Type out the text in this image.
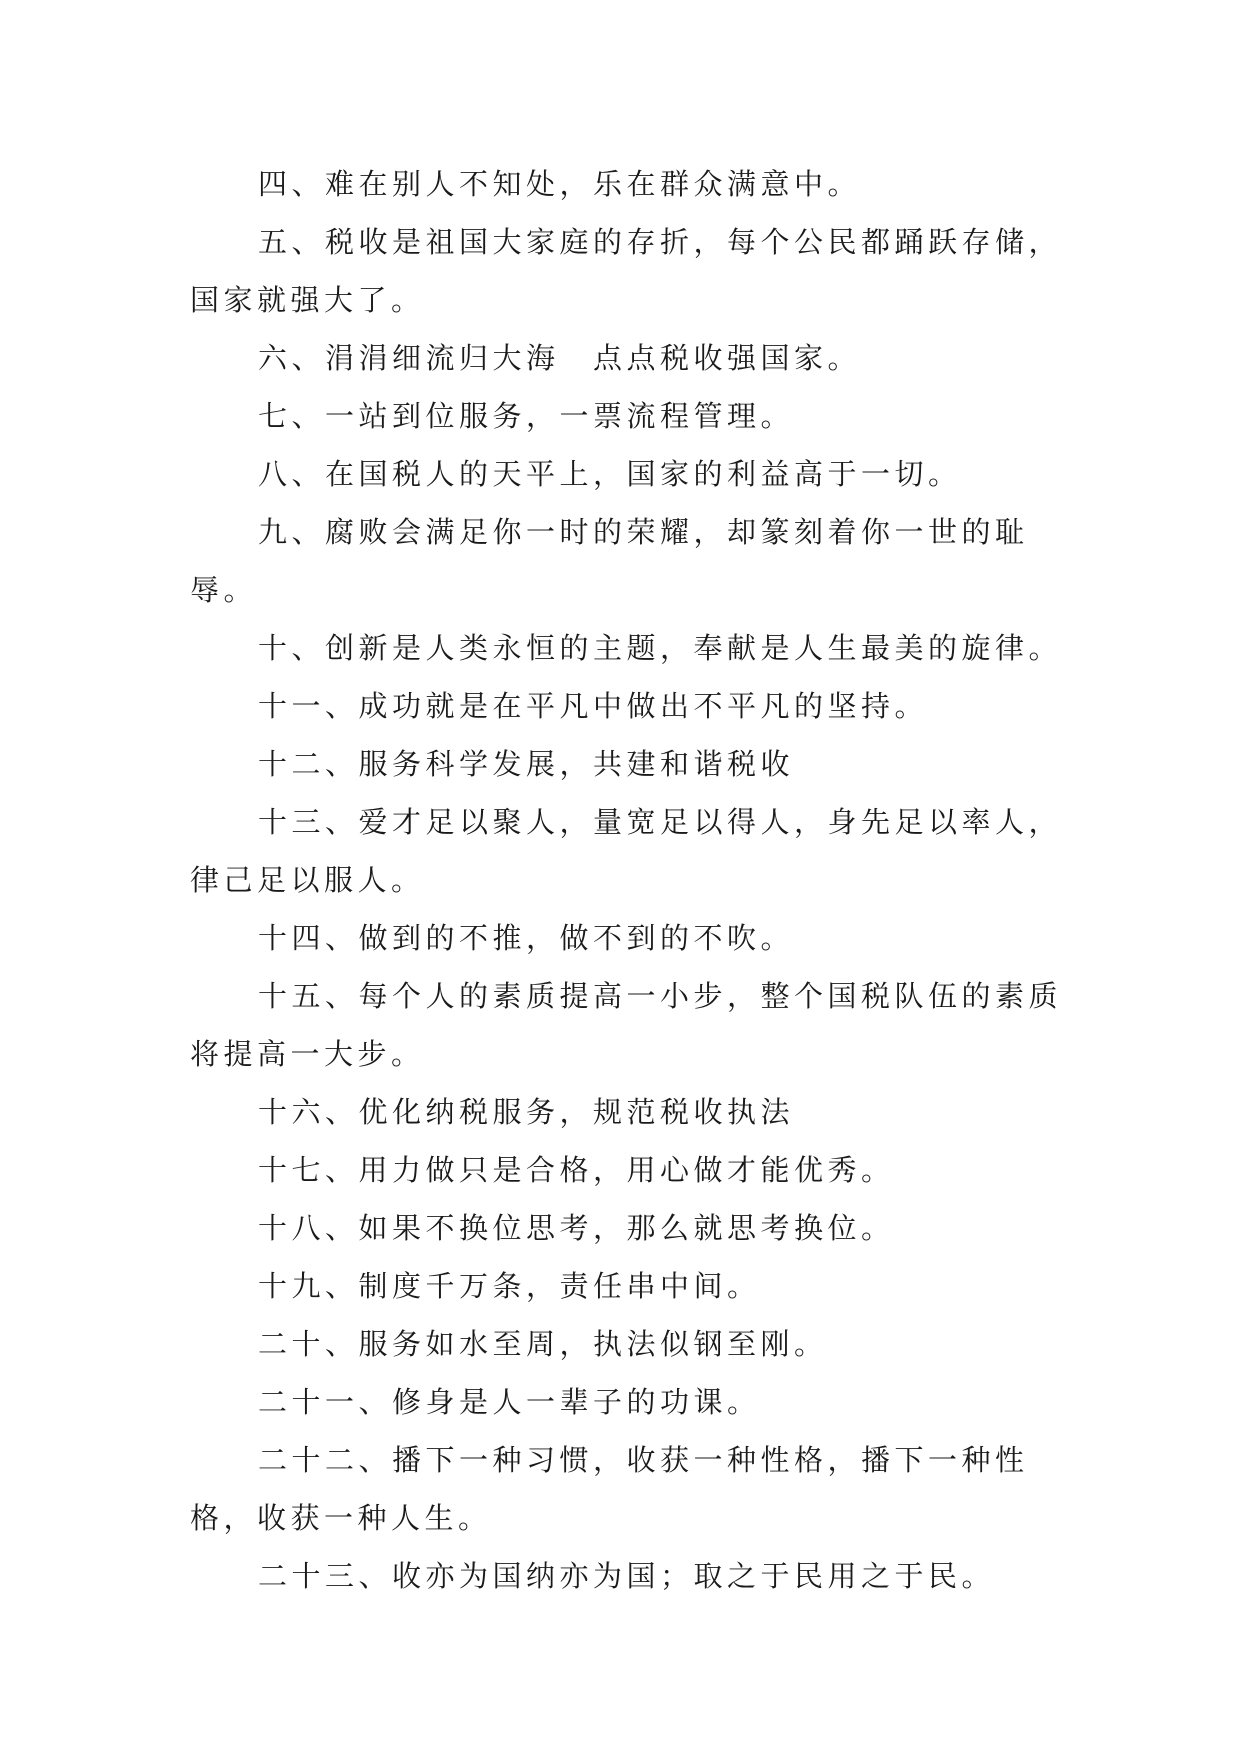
四、难在别人不知处，乐在群众满意中。

五、税收是祖国大家庭的存折，每个公民都踊跃存储，国家就强大了。

六、涓涓细流归大海　点点税收强国家。

七、一站到位服务，一票流程管理。

八、在国税人的天平上，国家的利益高于一切。

九、腐败会满足你一时的荣耀，却篆刻着你一世的耻辱。

十、创新是人类永恒的主题，奉献是人生最美的旋律。

十一、成功就是在平凡中做出不平凡的坚持。

十二、服务科学发展，共建和谐税收

十三、爱才足以聚人，量宽足以得人，身先足以率人，律己足以服人。

十四、做到的不推，做不到的不吹。

十五、每个人的素质提高一小步，整个国税队伍的素质将提高一大步。

十六、优化纳税服务，规范税收执法

十七、用力做只是合格，用心做才能优秀。

十八、如果不换位思考，那么就思考换位。

十九、制度千万条，责任串中间。

二十、服务如水至周，执法似钢至刚。

二十一、修身是人一辈子的功课。

二十二、播下一种习惯，收获一种性格，播下一种性格，收获一种人生。

二十三、收亦为国纳亦为国；取之于民用之于民。
